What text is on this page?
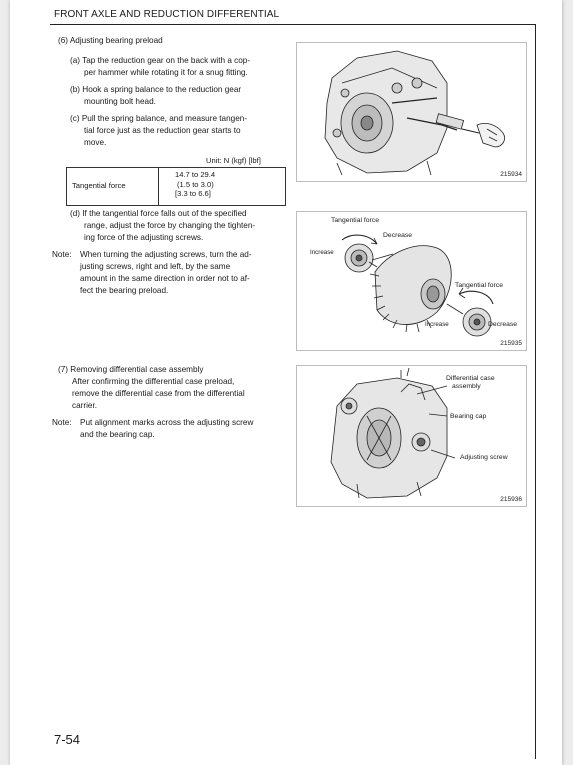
FRONT AXLE AND REDUCTION DIFFERENTIAL
(6) Adjusting bearing preload
(a) Tap the reduction gear on the back with a cop-
per hammer while rotating it for a snug fitting.
(b) Hook a spring balance to the reduction gear
mounting bolt head.
(c) Pull the spring balance, and measure tangen-
tial force just as the reduction gear starts to
move.
Unit: N (kgf) [lbf]
Tangential force
14.7 to 29.4
(1.5 to 3.0)
[3.3 to 6.6]
(d) If the tangential force falls out of the specified
range, adjust the force by changing the tighten-
ing force of the adjusting screws.
Note: When turning the adjusting screws, turn the ad-
justing screws, right and left, by the same
amount in the same direction in order not to af-
fect the bearing preload.
(7) Removing differential case assembly
After confirming the differential case preload,
remove the differential case from the differential
carrier.
Note: Put alignment marks across the adjusting screw
and the bearing cap.
215934
Tangential force
Decrease
Increase
Tangential force
Increase	Decrease
215935
Differential case
assembly
Bearing cap
Adjusting screw
215936
7-54
